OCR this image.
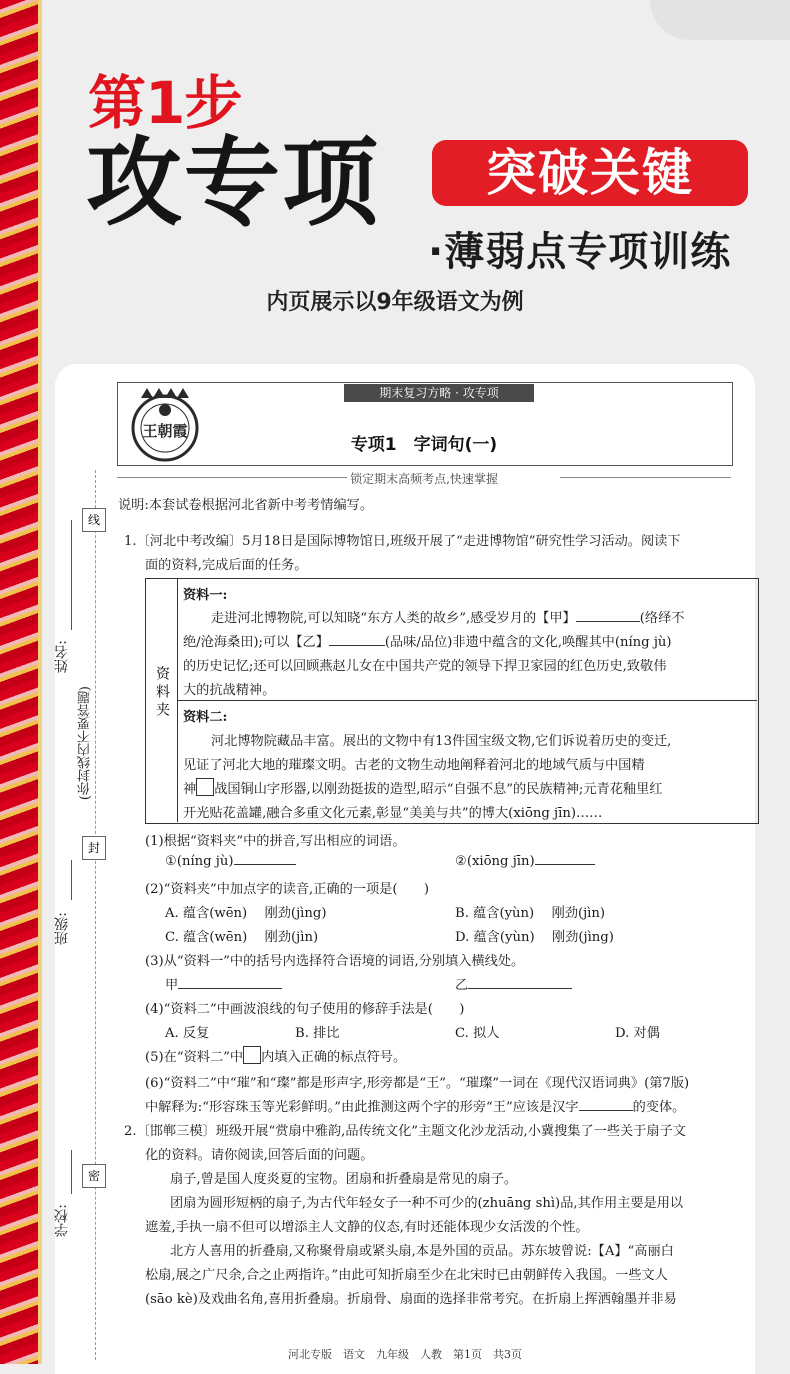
第1步
攻专项	突破关键
·薄弱点专项训练
内页展示以9年级语文为例
线
封
密
姓名:
班级:
学校:
(你封线内不要答题)
期末复习方略 · 攻专项
王朝霞
专项1　字词句(一)
锁定期末高频考点,快速掌握
说明:本套试卷根据河北省新中考考情编写。
1.〔河北中考改编〕5月18日是国际博物馆日,班级开展了“走进博物馆”研究性学习活动。阅读下
面的资料,完成后面的任务。
资料夹
资料一:
走进河北博物院,可以知晓“东方人类的故乡”,感受岁月的【甲】	(络绎不
绝/沧海桑田);可以【乙】	(品味/品位)非遗中蕴含的文化,唤醒其中(níng jù)
的历史记忆;还可以回顾燕赵儿女在中国共产党的领导下捍卫家园的红色历史,致敬伟
大的抗战精神。
资料二:
河北博物院藏品丰富。展出的文物中有13件国宝级文物,它们诉说着历史的变迁,
见证了河北大地的璀璨文明。古老的文物生动地阐释着河北的地域气质与中国精
神 战国铜山字形器,以刚劲挺拔的造型,昭示“自强不息”的民族精神;元青花釉里红
开光贴花盖罐,融合多重文化元素,彰显“美美与共”的博大(xiōng jīn)……
(1)根据“资料夹”中的拼音,写出相应的词语。
①(níng jù)	②(xiōng jīn)
(2)“资料夹”中加点字的读音,正确的一项是(　　)
A. 蕴含(wēn)　 刚劲(jìng)	B. 蕴含(yùn)　 刚劲(jìn)
C. 蕴含(wēn)　 刚劲(jìn)	D. 蕴含(yùn)　 刚劲(jìng)
(3)从“资料一”中的括号内选择符合语境的词语,分别填入横线处。
甲	乙
(4)“资料二”中画波浪线的句子使用的修辞手法是(　　)
A. 反复	B. 排比	C. 拟人	D. 对偶
(5)在“资料二”中 内填入正确的标点符号。
(6)“资料二”中“璀”和“璨”都是形声字,形旁都是“王”。“璀璨”一词在《现代汉语词典》(第7版)
中解释为:“形容珠玉等光彩鲜明。”由此推测这两个字的形旁“王”应该是汉字	的变体。
2.〔邯郸三模〕班级开展“赏扇中雅韵,品传统文化”主题文化沙龙活动,小冀搜集了一些关于扇子文
化的资料。请你阅读,回答后面的问题。
扇子,曾是国人度炎夏的宝物。团扇和折叠扇是常见的扇子。
团扇为圆形短柄的扇子,为古代年轻女子一种不可少的(zhuāng shì)品,其作用主要是用以
遮羞,手执一扇不但可以增添主人文静的仪态,有时还能体现少女活泼的个性。
北方人喜用的折叠扇,又称聚骨扇或紧头扇,本是外国的贡品。苏东坡曾说:【A】“高丽白
松扇,展之广尺余,合之止两指许。”由此可知折扇至少在北宋时已由朝鲜传入我国。一些文人
(sāo kè)及戏曲名角,喜用折叠扇。折扇骨、扇面的选择非常考究。在折扇上挥洒翰墨并非易
河北专版　语文　九年级　人教　第1页　共3页
